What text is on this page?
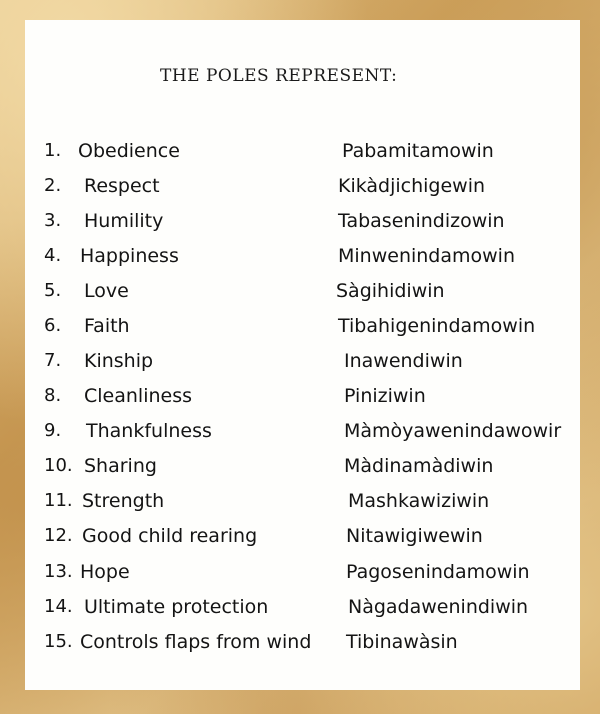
THE POLES REPRESENT:
1. Obedience	Pabamitamowin
2. Respect	Kikàdjichigewin
3. Humility	Tabasenindizowin
4. Happiness	Minwenindamowin
5. Love	Sàgihidiwin
6. Faith	Tibahigenindamowin
7. Kinship	Inawendiwin
8. Cleanliness	Piniziwin
9. Thankfulness	Màmòyawenindawowir
10. Sharing	Màdinamàdiwin
11. Strength	Mashkawiziwin
12. Good child rearing	Nitawigiwewin
13. Hope	Pagosenindamowin
14. Ultimate protection	Nàgadawenindiwin
15. Controls flaps from wind Tibinawàsin
